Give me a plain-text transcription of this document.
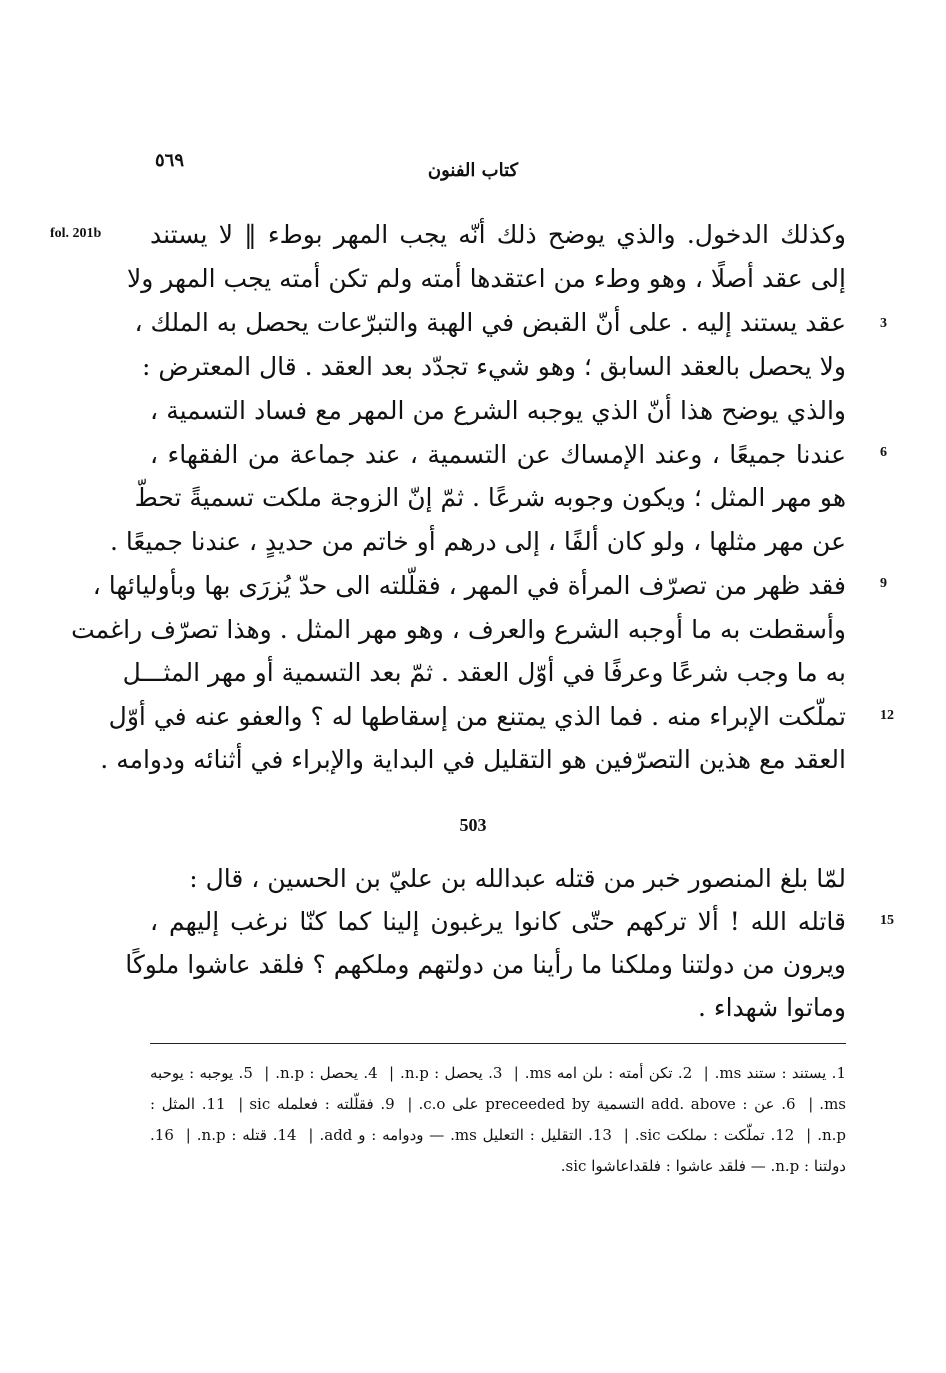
٥٦٩	كتاب الفنون
fol. 201b
3
6
9
12
15
وكذلك الدخول. والذي يوضح ذلك أنّه يجب المهر بوطء ‖ لا يستند
إلى عقد أصلًا ، وهو وطء من اعتقدها أمته ولم تكن أمته يجب المهر ولا
عقد يستند إليه . على أنّ القبض في الهبة والتبرّعات يحصل به الملك ،
ولا يحصل بالعقد السابق ؛ وهو شيء تجدّد بعد العقد . قال المعترض :
والذي يوضح هذا أنّ الذي يوجبه الشرع من المهر مع فساد التسمية ،
عندنا جميعًا ، وعند الإمساك عن التسمية ، عند جماعة من الفقهاء ،
هو مهر المثل ؛ ويكون وجوبه شرعًا . ثمّ إنّ الزوجة ملكت تسميةً تحطّ
عن مهر مثلها ، ولو كان ألفًا ، إلى درهم أو خاتم من حديدٍ ، عندنا جميعًا .
فقد ظهر من تصرّف المرأة في المهر ، فقلّلته الى حدّ يُزرَى بها وبأوليائها ،
وأسقطت به ما أوجبه الشرع والعرف ، وهو مهر المثل . وهذا تصرّف راغمت
به ما وجب شرعًا وعرفًا في أوّل العقد . ثمّ بعد التسمية أو مهر المثـــل
تملّكت الإبراء منه . فما الذي يمتنع من إسقاطها له ؟ والعفو عنه في أوّل
العقد مع هذين التصرّفين هو التقليل في البداية والإبراء في أثنائه ودوامه .
503
لمّا بلغ المنصور خبر من قتله عبدالله بن عليّ بن الحسين ، قال :
قاتله الله ! ألا تركهم حتّى كانوا يرغبون إلينا كما كنّا نرغب إليهم ،
ويرون من دولتنا وملكنا ما رأينا من دولتهم وملكهم ؟ فلقد عاشوا ملوكًا
وماتوا شهداء .
1. يستند : ستند ms.| 2. تكن أمته : ىلن امه ms.| 3. يحصل : n.p.| 4. يحصل : n.p.| 5. يوجبه : يوحبه ms.| 6. عن : add. above التسمية preceeded by على c.o.| 9. فقلّلته : فعلمله sic| 11. المثل : n.p.| 12. تملّكت : ىملكت sic.| 13. التقليل : التعليل ms. — ودوامه : و add.| 14. قتله : n.p.| 16. دولتنا : n.p. — فلقد عاشوا : فلقداعاشوا sic.
